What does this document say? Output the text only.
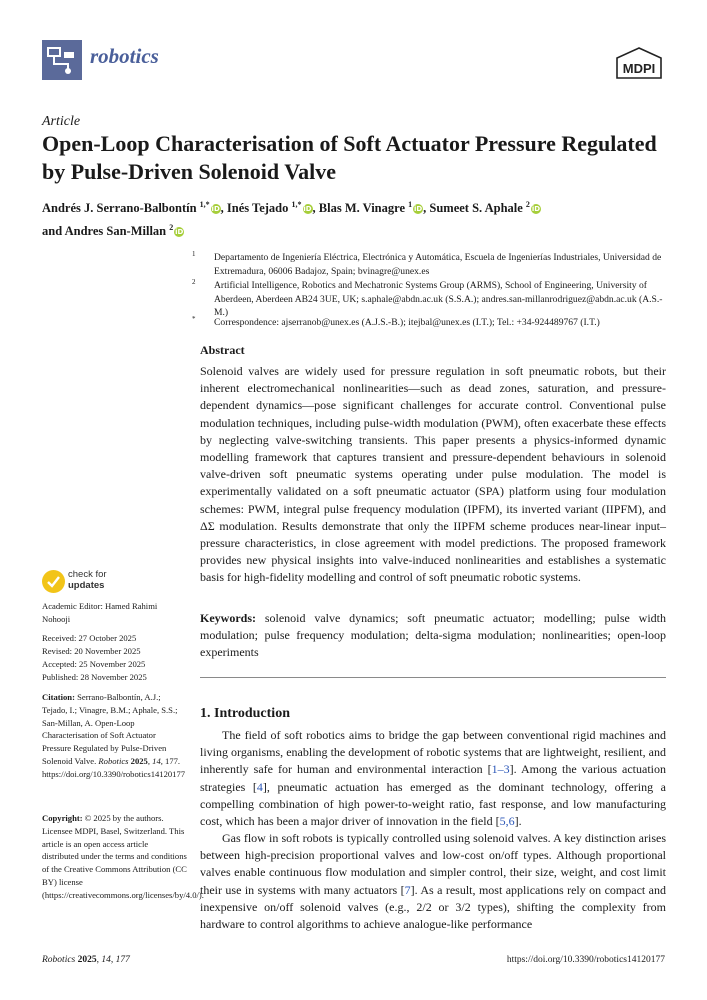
robotics
MDPI
Article
Open-Loop Characterisation of Soft Actuator Pressure Regulated by Pulse-Driven Solenoid Valve
Andrés J. Serrano-Balbontín $^{1,*}$iD, Inés Tejado $^{1,*}$iD, Blas M. Vinagre $^1$iD, Sumeet S. Aphale $^2$iD
and Andres San-Millan $^2$iD
1 Departamento de Ingeniería Eléctrica, Electrónica y Automática, Escuela de Ingenierías Industriales, Universidad de Extremadura, 06006 Badajoz, Spain; bvinagre@unex.es
2 Artificial Intelligence, Robotics and Mechatronic Systems Group (ARMS), School of Engineering, University of Aberdeen, Aberdeen AB24 3UE, UK; s.aphale@abdn.ac.uk (S.S.A.); andres.san-millanrodriguez@abdn.ac.uk (A.S.-M.)
* Correspondence: ajserranob@unex.es (A.J.S.-B.); itejbal@unex.es (I.T.); Tel.: +34-924489767 (I.T.)
Abstract
Solenoid valves are widely used for pressure regulation in soft pneumatic robots, but their inherent electromechanical nonlinearities—such as dead zones, saturation, and pressure-dependent dynamics—pose significant challenges for accurate control. Conventional pulse modulation techniques, including pulse-width modulation (PWM), often exacerbate these effects by neglecting valve-switching transients. This paper presents a physics-informed dynamic modelling framework that captures transient and pressure-dependent behaviours in solenoid valve-driven soft pneumatic systems operating under pulse modulation. The model is experimentally validated on a soft pneumatic actuator (SPA) platform using four modulation schemes: PWM, integral pulse frequency modulation (IPFM), its inverted variant (IIPFM), and ΔΣ modulation. Results demonstrate that only the IIPFM scheme produces near-linear input–pressure characteristics, in close agreement with model predictions. The proposed framework provides new physical insights into valve-induced nonlinearities and establishes a systematic basis for high-fidelity modelling and control of soft pneumatic robotic systems.
Keywords: solenoid valve dynamics; soft pneumatic actuator; modelling; pulse width modulation; pulse frequency modulation; delta-sigma modulation; nonlinearities; open-loop experiments
1. Introduction
The field of soft robotics aims to bridge the gap between conventional rigid machines and living organisms, enabling the development of robotic systems that are lightweight, resilient, and inherently safe for human and environmental interaction [1–3]. Among the various actuation strategies [4], pneumatic actuation has emerged as the dominant technology, offering a compelling combination of high power-to-weight ratio, fast response, and low manufacturing cost, which has been a major driver of innovation in the field [5,6].
Gas flow in soft robots is typically controlled using solenoid valves. A key distinction arises between high-precision proportional valves and low-cost on/off types. Although proportional valves enable continuous flow modulation and simpler control, their size, weight, and cost limit their use in systems with many actuators [7]. As a result, most applications rely on compact and inexpensive on/off solenoid valves (e.g., 2/2 or 3/2 types), shifting the complexity from hardware to control algorithms to achieve analogue-like performance
check for
updates
Academic Editor: Hamed Rahimi Nohooji
Received: 27 October 2025
Revised: 20 November 2025
Accepted: 25 November 2025
Published: 28 November 2025
Citation: Serrano-Balbontín, A.J.; Tejado, I.; Vinagre, B.M.; Aphale, S.S.; San-Millan, A. Open-Loop Characterisation of Soft Actuator Pressure Regulated by Pulse-Driven Solenoid Valve. Robotics 2025, 14, 177. https://doi.org/10.3390/robotics14120177
Copyright: © 2025 by the authors. Licensee MDPI, Basel, Switzerland. This article is an open access article distributed under the terms and conditions of the Creative Commons Attribution (CC BY) license (https://creativecommons.org/licenses/by/4.0/).
Robotics 2025, 14, 177	https://doi.org/10.3390/robotics14120177
